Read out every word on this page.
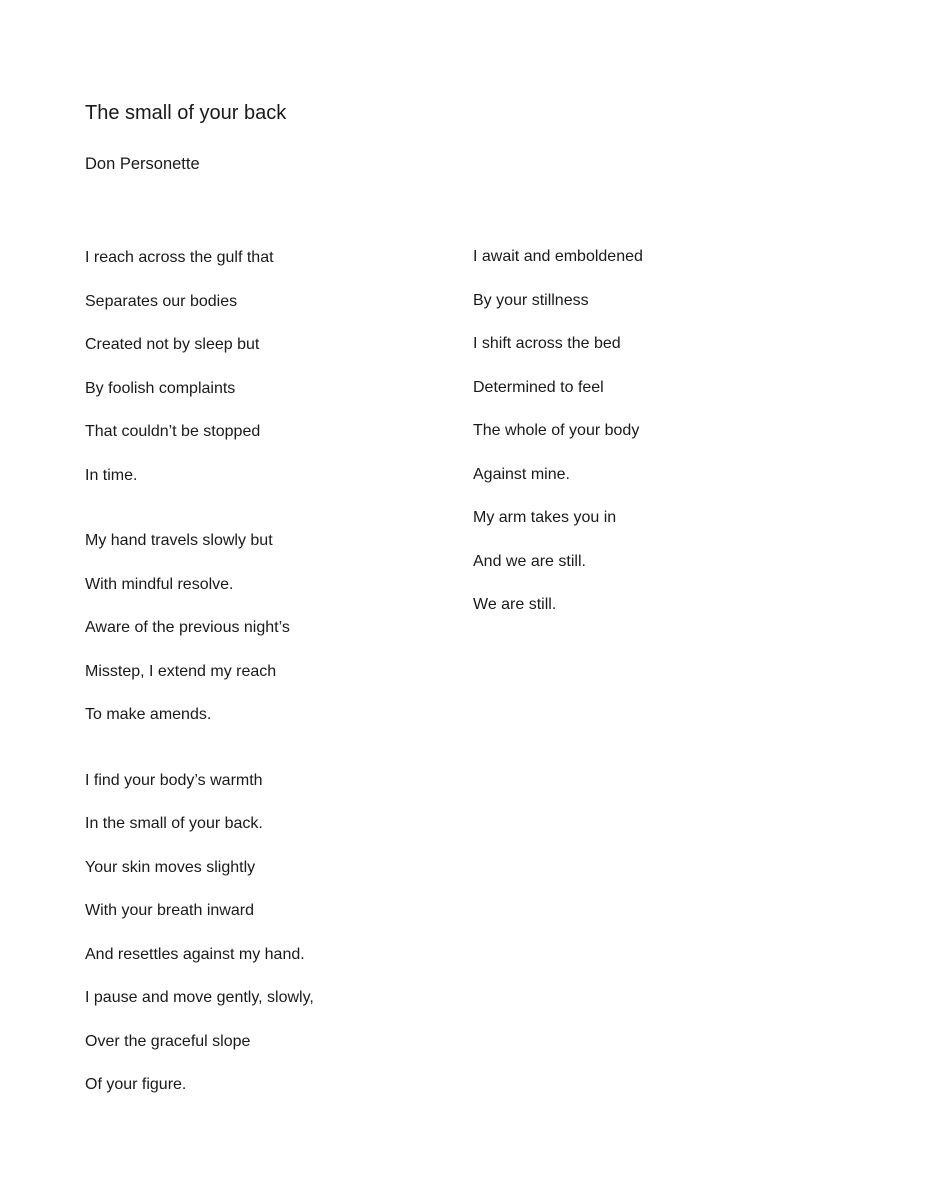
The small of your back

Don Personette

I reach across the gulf that
Separates our bodies
Created not by sleep but
By foolish complaints
That couldn’t be stopped
In time.
My hand travels slowly but
With mindful resolve.
Aware of the previous night’s
Misstep, I extend my reach
To make amends.
I find your body’s warmth
In the small of your back.
Your skin moves slightly
With your breath inward
And resettles against my hand.
I pause and move gently, slowly,
Over the graceful slope
Of your figure.
I await and emboldened
By your stillness
I shift across the bed
Determined to feel
The whole of your body
Against mine.
My arm takes you in
And we are still.
We are still.
